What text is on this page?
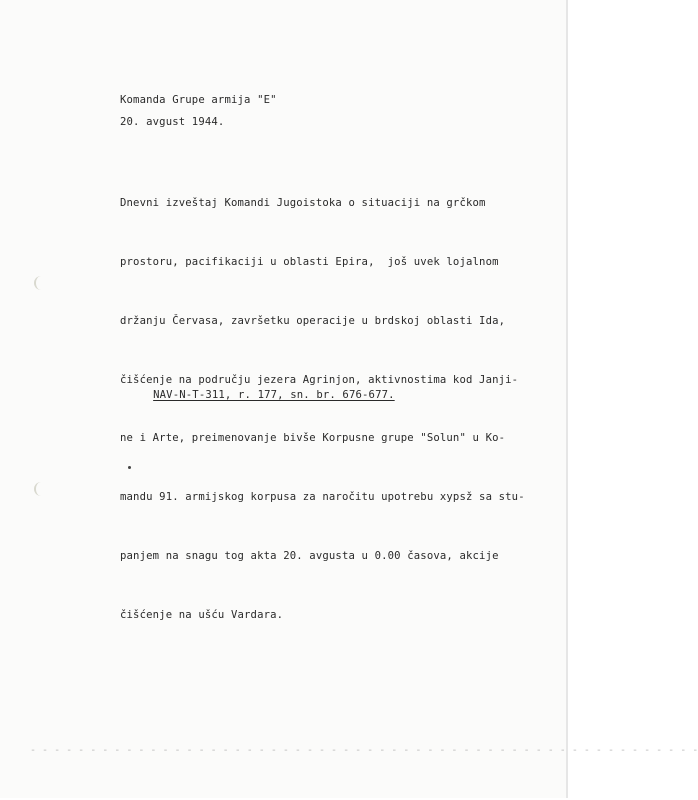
Komanda Grupe armija "E"
20. avgust 1944.

Dnevni izveštaj Komandi Jugoistoka o situaciji na grčkom

prostoru, pacifikaciji u oblasti Epira,  još uvek lojalnom

držanju Červasa, završetku operacije u brdskoj oblasti Ida,

čišćenje na području jezera Agrinjon, aktivnostima kod Janji-

ne i Arte, preimenovanje bivše Korpusne grupe "Solun" u Ko-

mandu 91. armijskog korpusa za naročitu upotrebu xypsž sa stu-

panjem na snagu tog akta 20. avgusta u 0.00 časova, akcije

čišćenje na ušću Vardara.

NAV-N-T-311, r. 177, sn. br. 676-677.

- - - - - - - - - - - - - - - - - - - - - - - - - - - - - - - - - - - - - - - - - - - - - - - - - - - - - - - -
